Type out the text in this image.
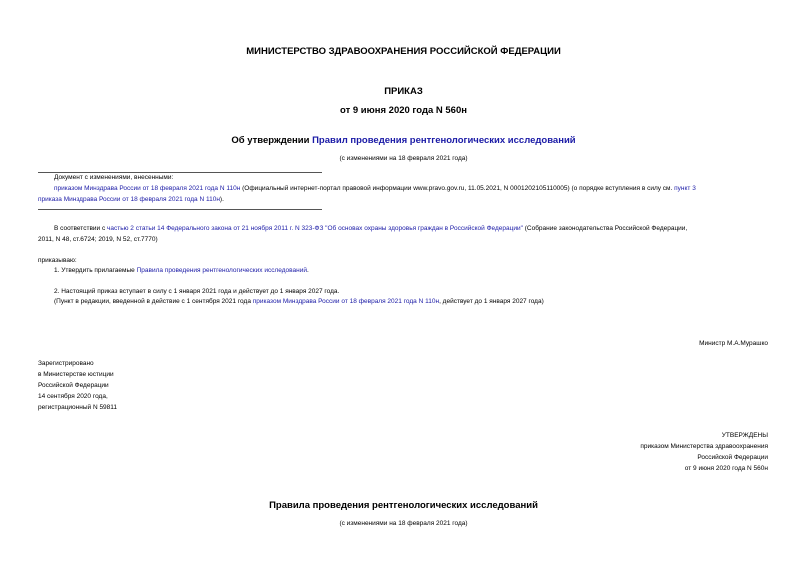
МИНИСТЕРСТВО ЗДРАВООХРАНЕНИЯ РОССИЙСКОЙ ФЕДЕРАЦИИ
ПРИКАЗ
от 9 июня 2020 года N 560н
Об утверждении Правил проведения рентгенологических исследований
(с изменениями на 18 февраля 2021 года)
Документ с изменениями, внесенными:
приказом Минздрава России от 18 февраля 2021 года N 110н (Официальный интернет-портал правовой информации www.pravo.gov.ru, 11.05.2021, N 0001202105110005) (о порядке вступления в силу см. пункт 3
приказа Минздрава России от 18 февраля 2021 года N 110н).
В соответствии с частью 2 статьи 14 Федерального закона от 21 ноября 2011 г. N 323-ФЗ "Об основах охраны здоровья граждан в Российской Федерации" (Собрание законодательства Российской Федерации,
2011, N 48, ст.6724; 2019, N 52, ст.7770)
приказываю:
1. Утвердить прилагаемые Правила проведения рентгенологических исследований.
2. Настоящий приказ вступает в силу с 1 января 2021 года и действует до 1 января 2027 года.
(Пункт в редакции, введенной в действие с 1 сентября 2021 года приказом Минздрава России от 18 февраля 2021 года N 110н, действует до 1 января 2027 года)
Министр М.А.Мурашко
Зарегистрировано
в Министерстве юстиции
Российской Федерации
14 сентября 2020 года,
регистрационный N 59811
УТВЕРЖДЕНЫ
приказом Министерства здравоохранения
Российской Федерации
от 9 июня 2020 года N 560н
Правила проведения рентгенологических исследований
(с изменениями на 18 февраля 2021 года)
